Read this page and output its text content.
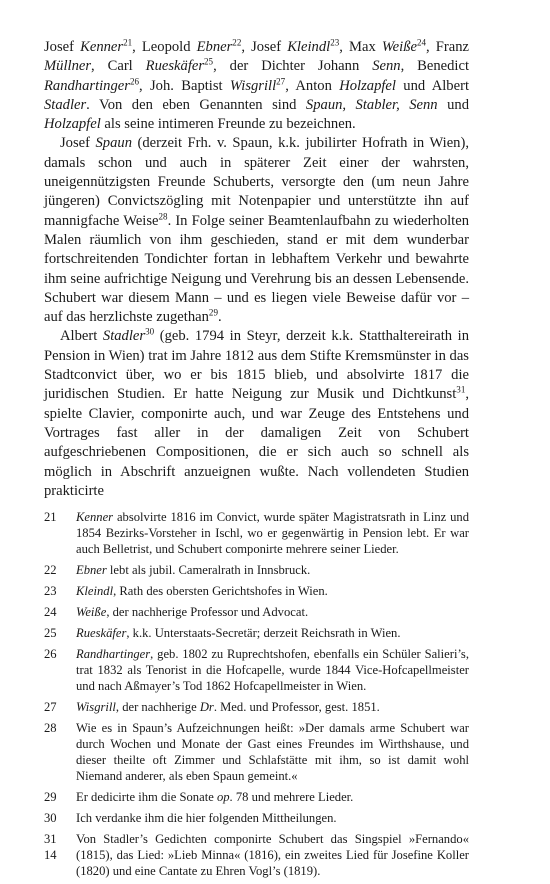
Josef Kenner$^{21}$, Leopold Ebner$^{22}$, Josef Kleindl$^{23}$, Max Weiße$^{24}$, Franz Müllner, Carl Rueskäfer$^{25}$, der Dichter Johann Senn, Benedict Randhartinger$^{26}$, Joh. Baptist Wisgrill$^{27}$, Anton Holzapfel und Albert Stadler. Von den eben Genannten sind Spaun, Stabler, Senn und Holzapfel als seine intimeren Freunde zu bezeichnen.

Josef Spaun (derzeit Frh. v. Spaun, k.k. jubilirter Hofrath in Wien), damals schon und auch in späterer Zeit einer der wahrsten, uneigennützigsten Freunde Schuberts, versorgte den (um neun Jahre jüngeren) Convictszögling mit Notenpapier und unterstützte ihn auf mannigfache Weise$^{28}$. In Folge seiner Beamtenlaufbahn zu wiederholten Malen räumlich von ihm geschieden, stand er mit dem wunderbar fortschreitenden Tondichter fortan in lebhaftem Verkehr und bewahrte ihm seine aufrichtige Neigung und Verehrung bis an dessen Lebensende. Schubert war diesem Mann – und es liegen viele Beweise dafür vor – auf das herzlichste zugethan$^{29}$.

Albert Stadler$^{30}$ (geb. 1794 in Steyr, derzeit k.k. Statthaltereirath in Pension in Wien) trat im Jahre 1812 aus dem Stifte Kremsmünster in das Stadtconvict über, wo er bis 1815 blieb, und absolvirte 1817 die juridischen Studien. Er hatte Neigung zur Musik und Dichtkunst$^{31}$, spielte Clavier, componirte auch, und war Zeuge des Entstehens und Vortrages fast aller in der damaligen Zeit von Schubert aufgeschriebenen Compositionen, die er sich auch so schnell als möglich in Abschrift anzueignen wußte. Nach vollendeten Studien prakticirte

21	Kenner absolvirte 1816 im Convict, wurde später Magistratsrath in Linz und 1854 Bezirks-Vorsteher in Ischl, wo er gegenwärtig in Pension lebt. Er war auch Belletrist, und Schubert componirte mehrere seiner Lieder.
22	Ebner lebt als jubil. Cameralrath in Innsbruck.
23	Kleindl, Rath des obersten Gerichtshofes in Wien.
24	Weiße, der nachherige Professor und Advocat.
25	Rueskäfer, k.k. Unterstaats-Secretär; derzeit Reichsrath in Wien.
26	Randhartinger, geb. 1802 zu Ruprechtshofen, ebenfalls ein Schüler Salieri’s, trat 1832 als Tenorist in die Hofcapelle, wurde 1844 Vice-Hofcapellmeister und nach Aßmayer’s Tod 1862 Hofcapellmeister in Wien.
27	Wisgrill, der nachherige Dr. Med. und Professor, gest. 1851.
28	Wie es in Spaun’s Aufzeichnungen heißt: »Der damals arme Schubert war durch Wochen und Monate der Gast eines Freundes im Wirthshause, und dieser theilte oft Zimmer und Schlafstätte mit ihm, so ist damit wohl Niemand anderer, als eben Spaun gemeint.«
29	Er dedicirte ihm die Sonate op. 78 und mehrere Lieder.
30	Ich verdanke ihm die hier folgenden Mittheilungen.
31	Von Stadler’s Gedichten componirte Schubert das Singspiel »Fernando« (1815), das Lied: »Lieb Minna« (1816), ein zweites Lied für Josefine Koller (1820) und eine Cantate zu Ehren Vogl’s (1819).
14
